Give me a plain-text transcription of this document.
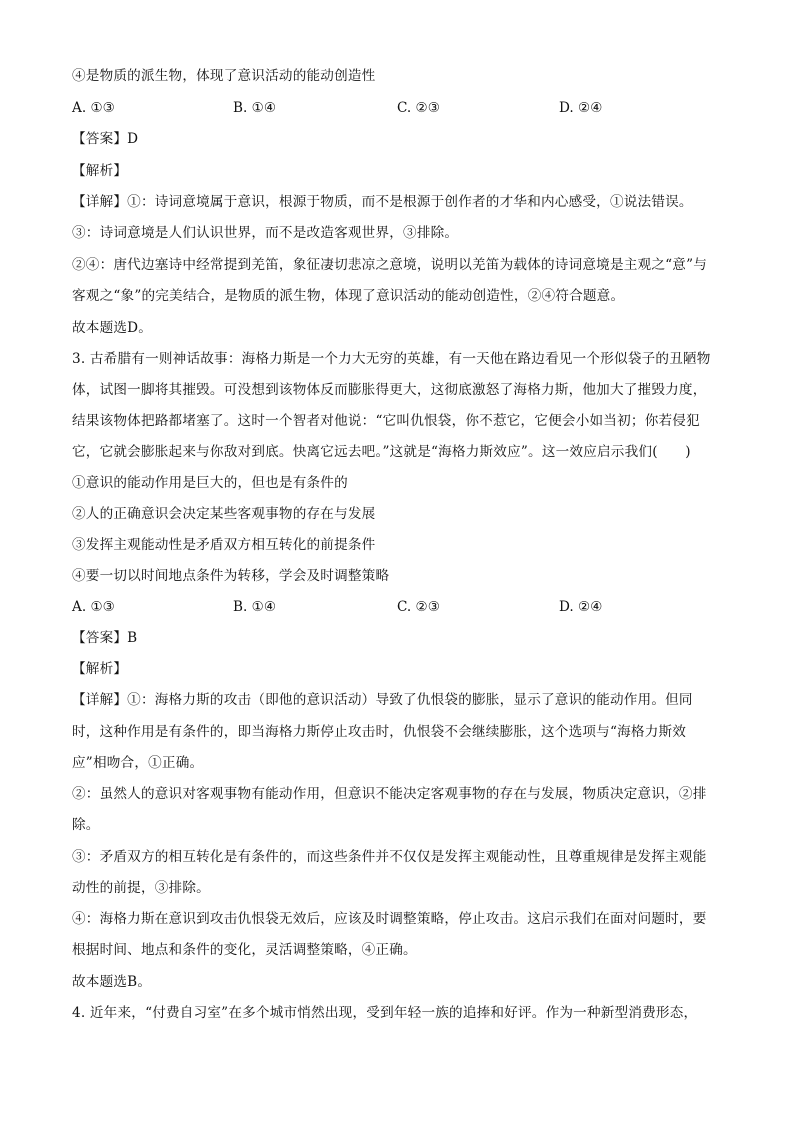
④是物质的派生物，体现了意识活动的能动创造性
A. ①③	B. ①④	C. ②③	D. ②④
【答案】D
【解析】
【详解】①：诗词意境属于意识，根源于物质，而不是根源于创作者的才华和内心感受，①说法错误。
③：诗词意境是人们认识世界，而不是改造客观世界，③排除。
②④：唐代边塞诗中经常提到羌笛，象征凄切悲凉之意境，说明以羌笛为载体的诗词意境是主观之“意”与
客观之“象”的完美结合，是物质的派生物，体现了意识活动的能动创造性，②④符合题意。
故本题选D。
3. 古希腊有一则神话故事：海格力斯是一个力大无穷的英雄，有一天他在路边看见一个形似袋子的丑陋物
体，试图一脚将其摧毁。可没想到该物体反而膨胀得更大，这彻底激怒了海格力斯，他加大了摧毁力度，
结果该物体把路都堵塞了。这时一个智者对他说：“它叫仇恨袋，你不惹它，它便会小如当初；你若侵犯
它，它就会膨胀起来与你敌对到底。快离它远去吧。”这就是“海格力斯效应”。这一效应启示我们(　　)
①意识的能动作用是巨大的，但也是有条件的
②人的正确意识会决定某些客观事物的存在与发展
③发挥主观能动性是矛盾双方相互转化的前提条件
④要一切以时间地点条件为转移，学会及时调整策略
A. ①③	B. ①④	C. ②③	D. ②④
【答案】B
【解析】
【详解】①：海格力斯的攻击（即他的意识活动）导致了仇恨袋的膨胀，显示了意识的能动作用。但同
时，这种作用是有条件的，即当海格力斯停止攻击时，仇恨袋不会继续膨胀，这个选项与“海格力斯效
应”相吻合，①正确。
②：虽然人的意识对客观事物有能动作用，但意识不能决定客观事物的存在与发展，物质决定意识，②排
除。
③：矛盾双方的相互转化是有条件的，而这些条件并不仅仅是发挥主观能动性，且尊重规律是发挥主观能
动性的前提，③排除。
④：海格力斯在意识到攻击仇恨袋无效后，应该及时调整策略，停止攻击。这启示我们在面对问题时，要
根据时间、地点和条件的变化，灵活调整策略，④正确。
故本题选B。
4. 近年来，“付费自习室”在多个城市悄然出现，受到年轻一族的追捧和好评。作为一种新型消费形态，
